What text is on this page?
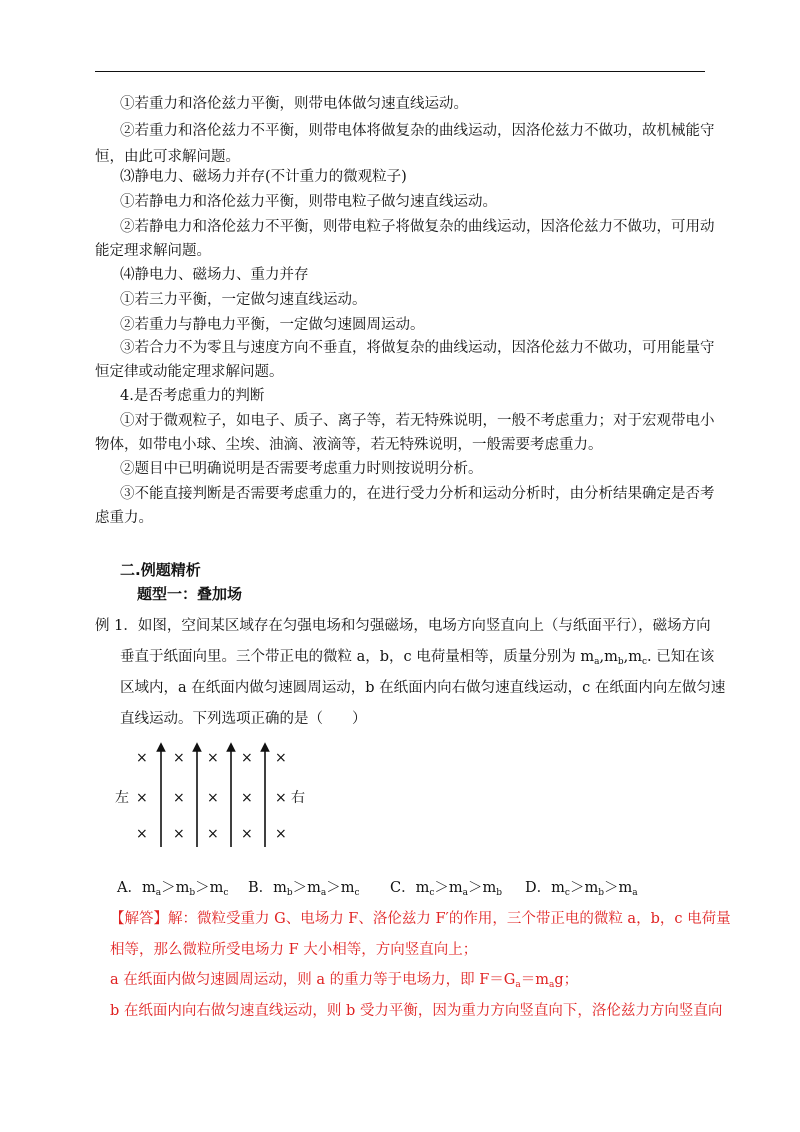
①若重力和洛伦兹力平衡，则带电体做匀速直线运动。
②若重力和洛伦兹力不平衡，则带电体将做复杂的曲线运动，因洛伦兹力不做功，故机械能守
恒，由此可求解问题。
⑶静电力、磁场力并存(不计重力的微观粒子)
①若静电力和洛伦兹力平衡，则带电粒子做匀速直线运动。
②若静电力和洛伦兹力不平衡，则带电粒子将做复杂的曲线运动，因洛伦兹力不做功，可用动
能定理求解问题。
⑷静电力、磁场力、重力并存
①若三力平衡，一定做匀速直线运动。
②若重力与静电力平衡，一定做匀速圆周运动。
③若合力不为零且与速度方向不垂直，将做复杂的曲线运动，因洛伦兹力不做功，可用能量守
恒定律或动能定理求解问题。
4.是否考虑重力的判断
①对于微观粒子，如电子、质子、离子等，若无特殊说明，一般不考虑重力；对于宏观带电小
物体，如带电小球、尘埃、油滴、液滴等，若无特殊说明，一般需要考虑重力。
②题目中已明确说明是否需要考虑重力时则按说明分析。
③不能直接判断是否需要考虑重力的，在进行受力分析和运动分析时，由分析结果确定是否考
虑重力。
二.例题精析
题型一：叠加场
例 1．如图，空间某区域存在匀强电场和匀强磁场，电场方向竖直向上（与纸面平行），磁场方向
垂直于纸面向里。三个带正电的微粒 a，b，c 电荷量相等，质量分别为 $m_a,m_b,m_c$. 已知在该
区域内，a 在纸面内做匀速圆周运动，b 在纸面内向右做匀速直线运动，c 在纸面内向左做匀速
直线运动。下列选项正确的是（　　）
× × × × ×
左 × × × × × 右
× × × × ×
A．$m_a>m_b>m_c$ B．$m_b>m_a>m_c$ C．$m_c>m_a>m_b$ D．$m_c>m_b>m_a$
【解答】解：微粒受重力 G、电场力 F、洛伦兹力 F′的作用，三个带正电的微粒 a，b，c 电荷量
相等，那么微粒所受电场力 F 大小相等，方向竖直向上；
a 在纸面内做匀速圆周运动，则 a 的重力等于电场力，即 $F=G_a=m_ag$；
b 在纸面内向右做匀速直线运动，则 b 受力平衡，因为重力方向竖直向下，洛伦兹力方向竖直向
